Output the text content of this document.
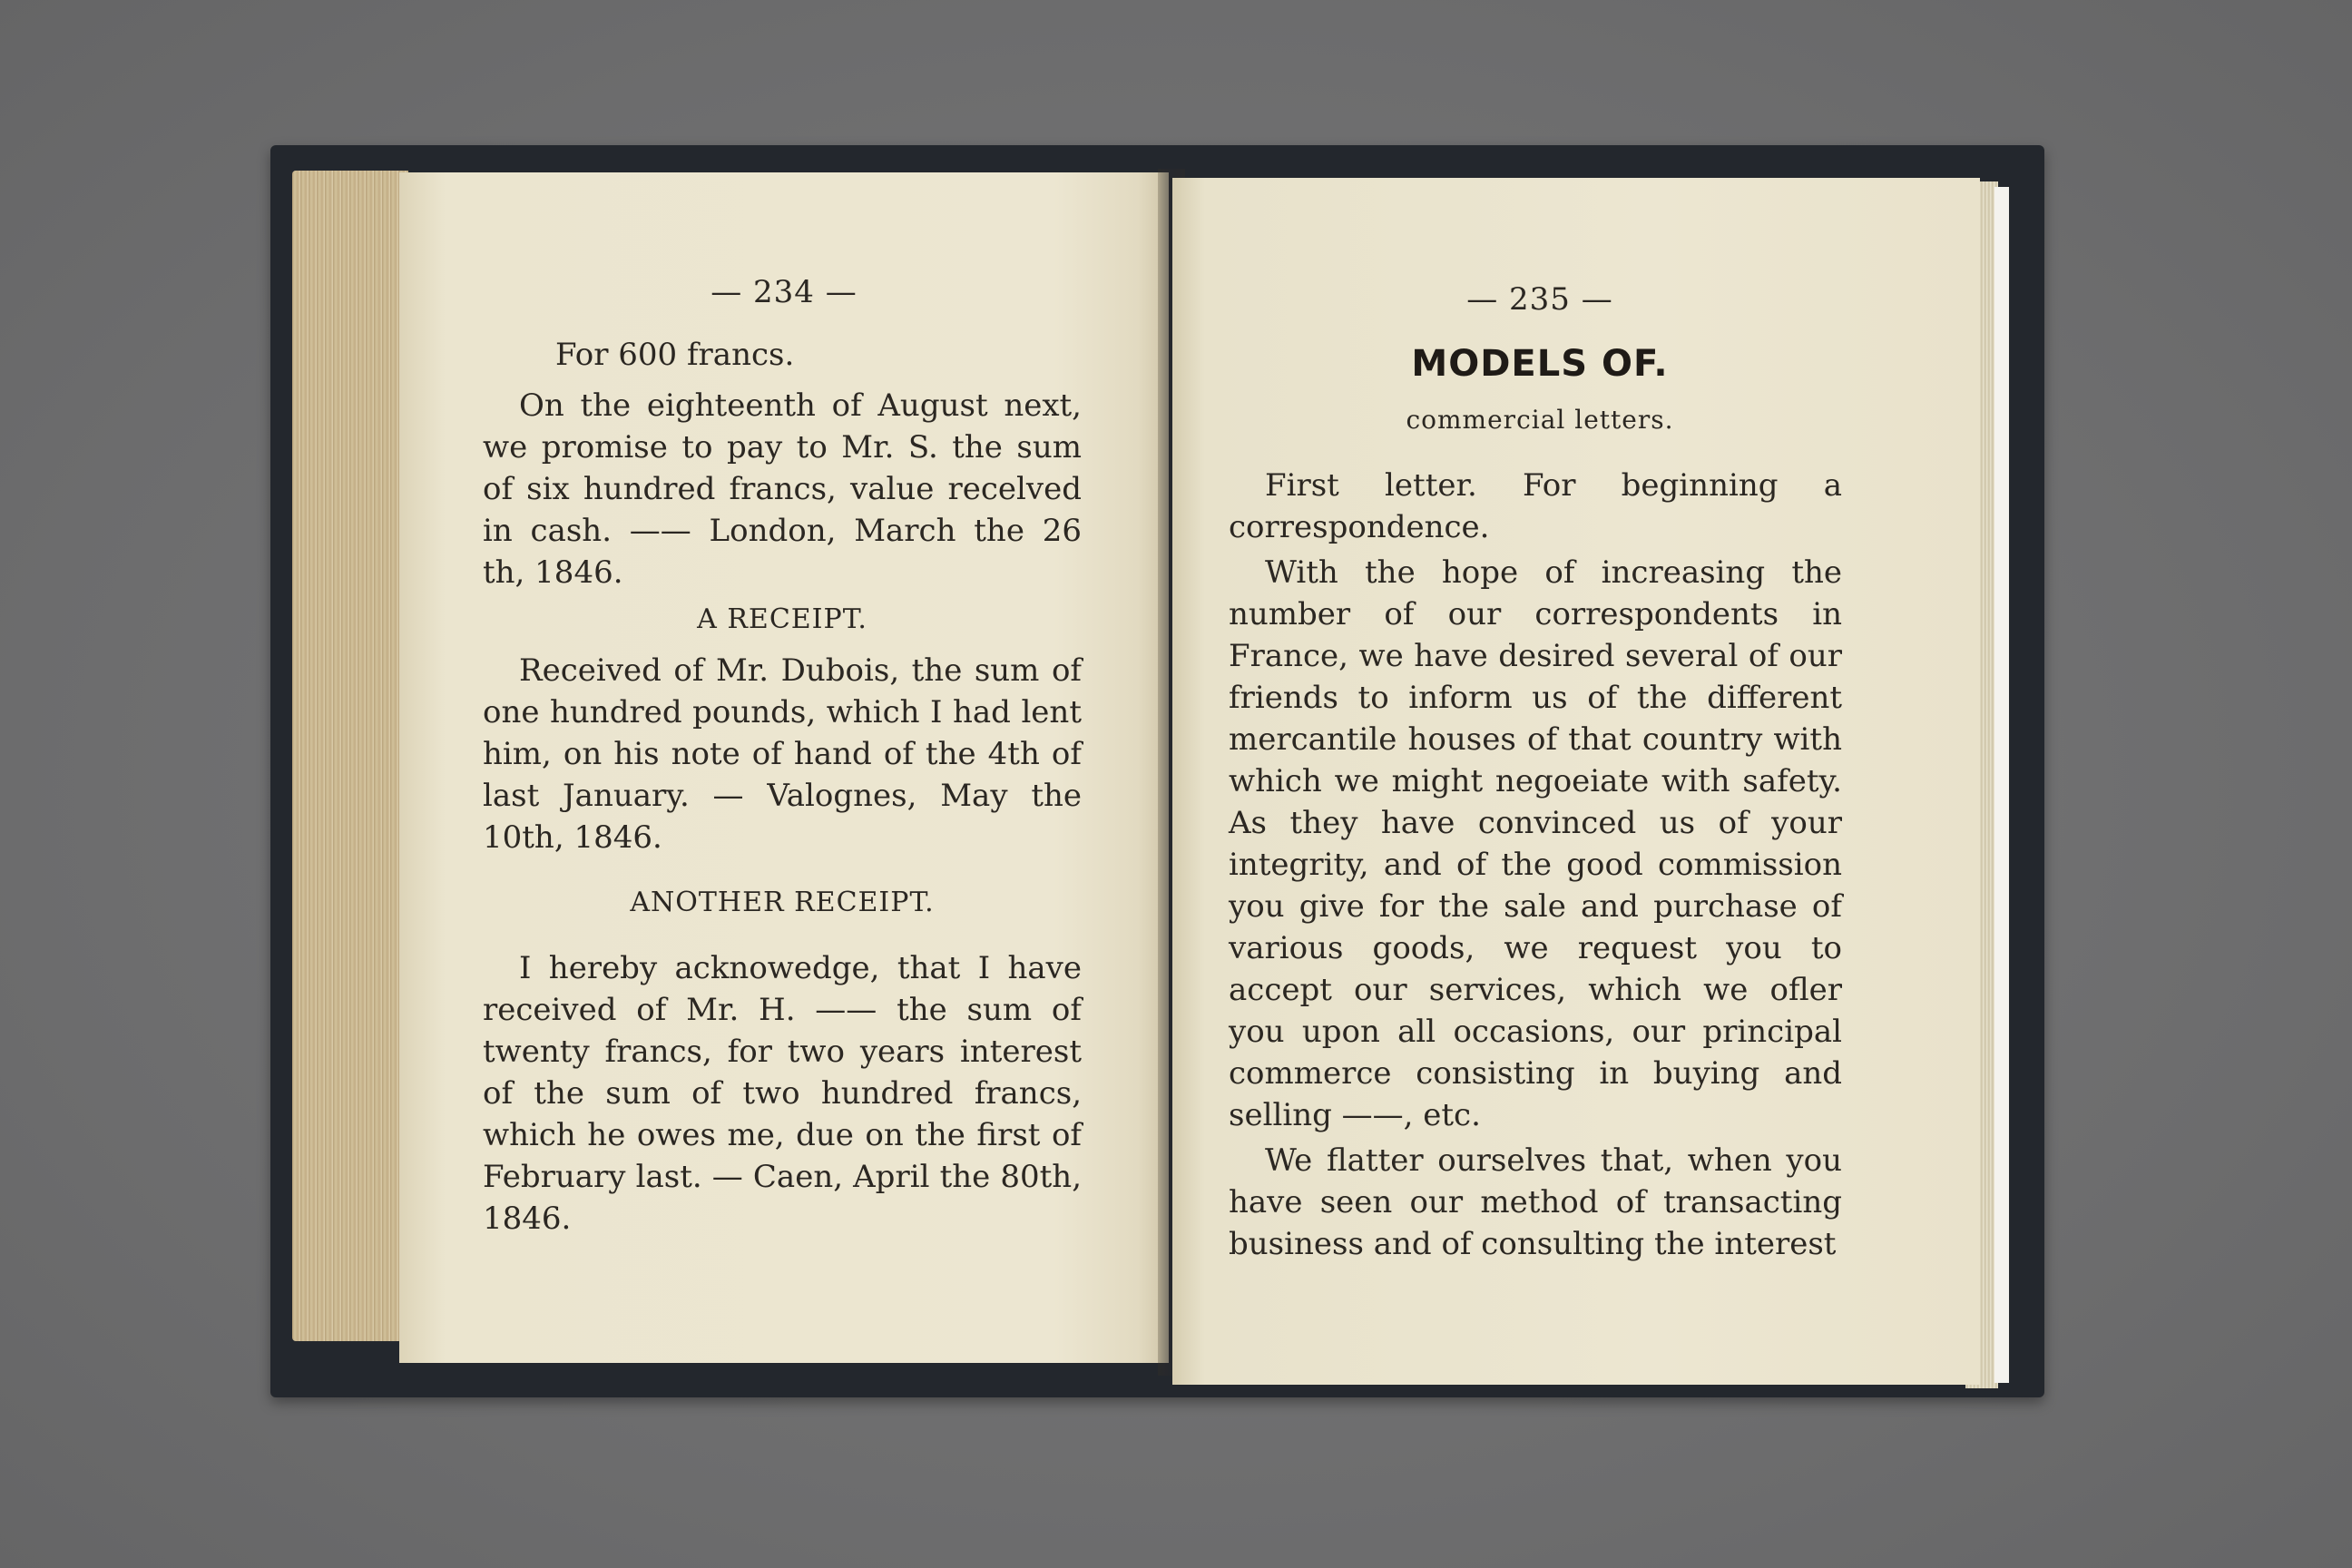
— 234 —

For 600 francs.

On the eighteenth of August next, we promise to pay to Mr. S. the sum of six hundred francs, value recelved in cash. —— London, March the 26 th, 1846.

A RECEIPT.

Received of Mr. Dubois, the sum of one hundred pounds, which I had lent him, on his note of hand of the 4th of last January. — Valognes, May the 10th, 1846.

ANOTHER RECEIPT.

I hereby acknowedge, that I have received of Mr. H. —— the sum of twenty francs, for two years interest of the sum of two hundred francs, which he owes me, due on the first of February last. — Caen, April the 80th, 1846.

— 235 —
MODELS OF.
commercial letters.

First letter. For beginning a correspondence.

With the hope of increasing the number of our correspondents in France, we have desired several of our friends to inform us of the different mercantile houses of that country with which we might negoeiate with safety. As they have convinced us of your integrity, and of the good commission you give for the sale and purchase of various goods, we request you to accept our services, which we ofler you upon all occasions, our principal commerce consisting in buying and selling ——, etc.

We flatter ourselves that, when you have seen our method of transacting business and of consulting the interest
